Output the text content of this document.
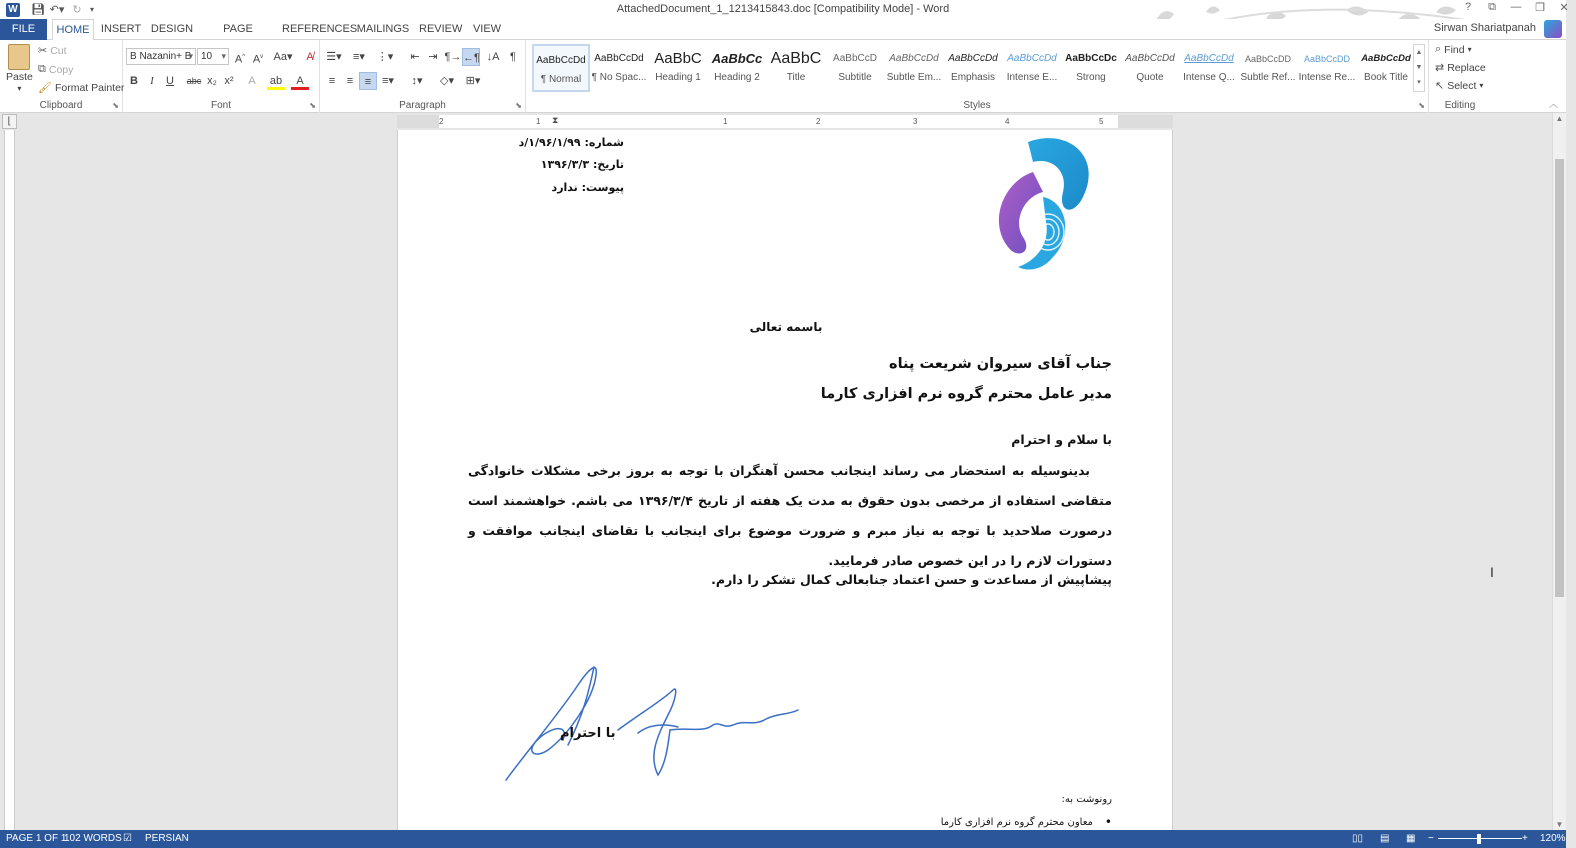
W 💾︎ ↶▾ ↻	▾	AttachedDocument_1_1213415843.doc [Compatibility Mode] - Word	?	⧉	—	❐	✕
FILE	HOME	INSERT DESIGN	PAGE	REFERENCES MAILINGS REVIEW VIEW	Sirwan Shariatpanah
Paste
▾
✂ Cut
⧉ Copy
🖌︎ Format Painter
Clipboard	⬊
B Nazanin+ B ▾ 10 ▾	A^ $A^v$ Aa▾	A̸
B	I	U	abc x₂ x²	A	ab	A
Font	⬊
☰▾	≡▾	⋮▾	⇤ ⇥ ¶→ ←¶ ↓A ¶
≡	≡	≡ ≡▾	↕▾	◇▾	⊞▾
Paragraph	⬊	Styles	⬊
AaBbCcDd
¶ Normal
AaBbCcDd
¶ No Spac...
AaBbC
Heading 1
AaBbCc
Heading 2
AaBbC
Title
AaBbCcD
Subtitle
AaBbCcDd
Subtle Em...
AaBbCcDd
Emphasis
AaBbCcDd
Intense E...
AaBbCcDc
Strong
AaBbCcDd
Quote
AaBbCcDd
Intense Q...
AaBbCcDD
Subtle Ref...
AaBbCcDD
Intense Re...
AaBbCcDd
Book Title
▲
▼
▾
⌕ Find ▾
⇄ Replace
↖ Select ▾
Editing	︿
⌊	2	1	1	2	3	4	5
⧗
شماره: ۱/۹۶/۱/۹۹/د
تاریخ: ۱۳۹۶/۳/۳
پیوست: ندارد
باسمه تعالی
جناب آقای سیروان شریعت پناه
مدیر عامل محترم گروه نرم افزاری کارما
با سلام و احترام
بدینوسیله به استحضار می رساند اینجانب محسن آهنگران با توجه به بروز برخی مشکلات خانوادگی متقاضی استفاده از مرخصی بدون حقوق به مدت یک هفته از تاریخ ۱۳۹۶/۳/۴ می باشم. خواهشمند است درصورت صلاحدید با توجه به نیاز مبرم و ضرورت موضوع برای اینجانب با تقاضای اینجانب موافقت و دستورات لازم را در این خصوص صادر فرمایید.
پیشاپیش از مساعدت و حسن اعتماد جنابعالی کمال تشکر را دارم.
با احترام
رونوشت به:
•
معاون محترم گروه نرم افزاری کارما
I
▲
▼
PAGE 1 OF 1
102 WORDS ☑ PERSIAN	▯▯ ▤ ▦ −	+ 120%
